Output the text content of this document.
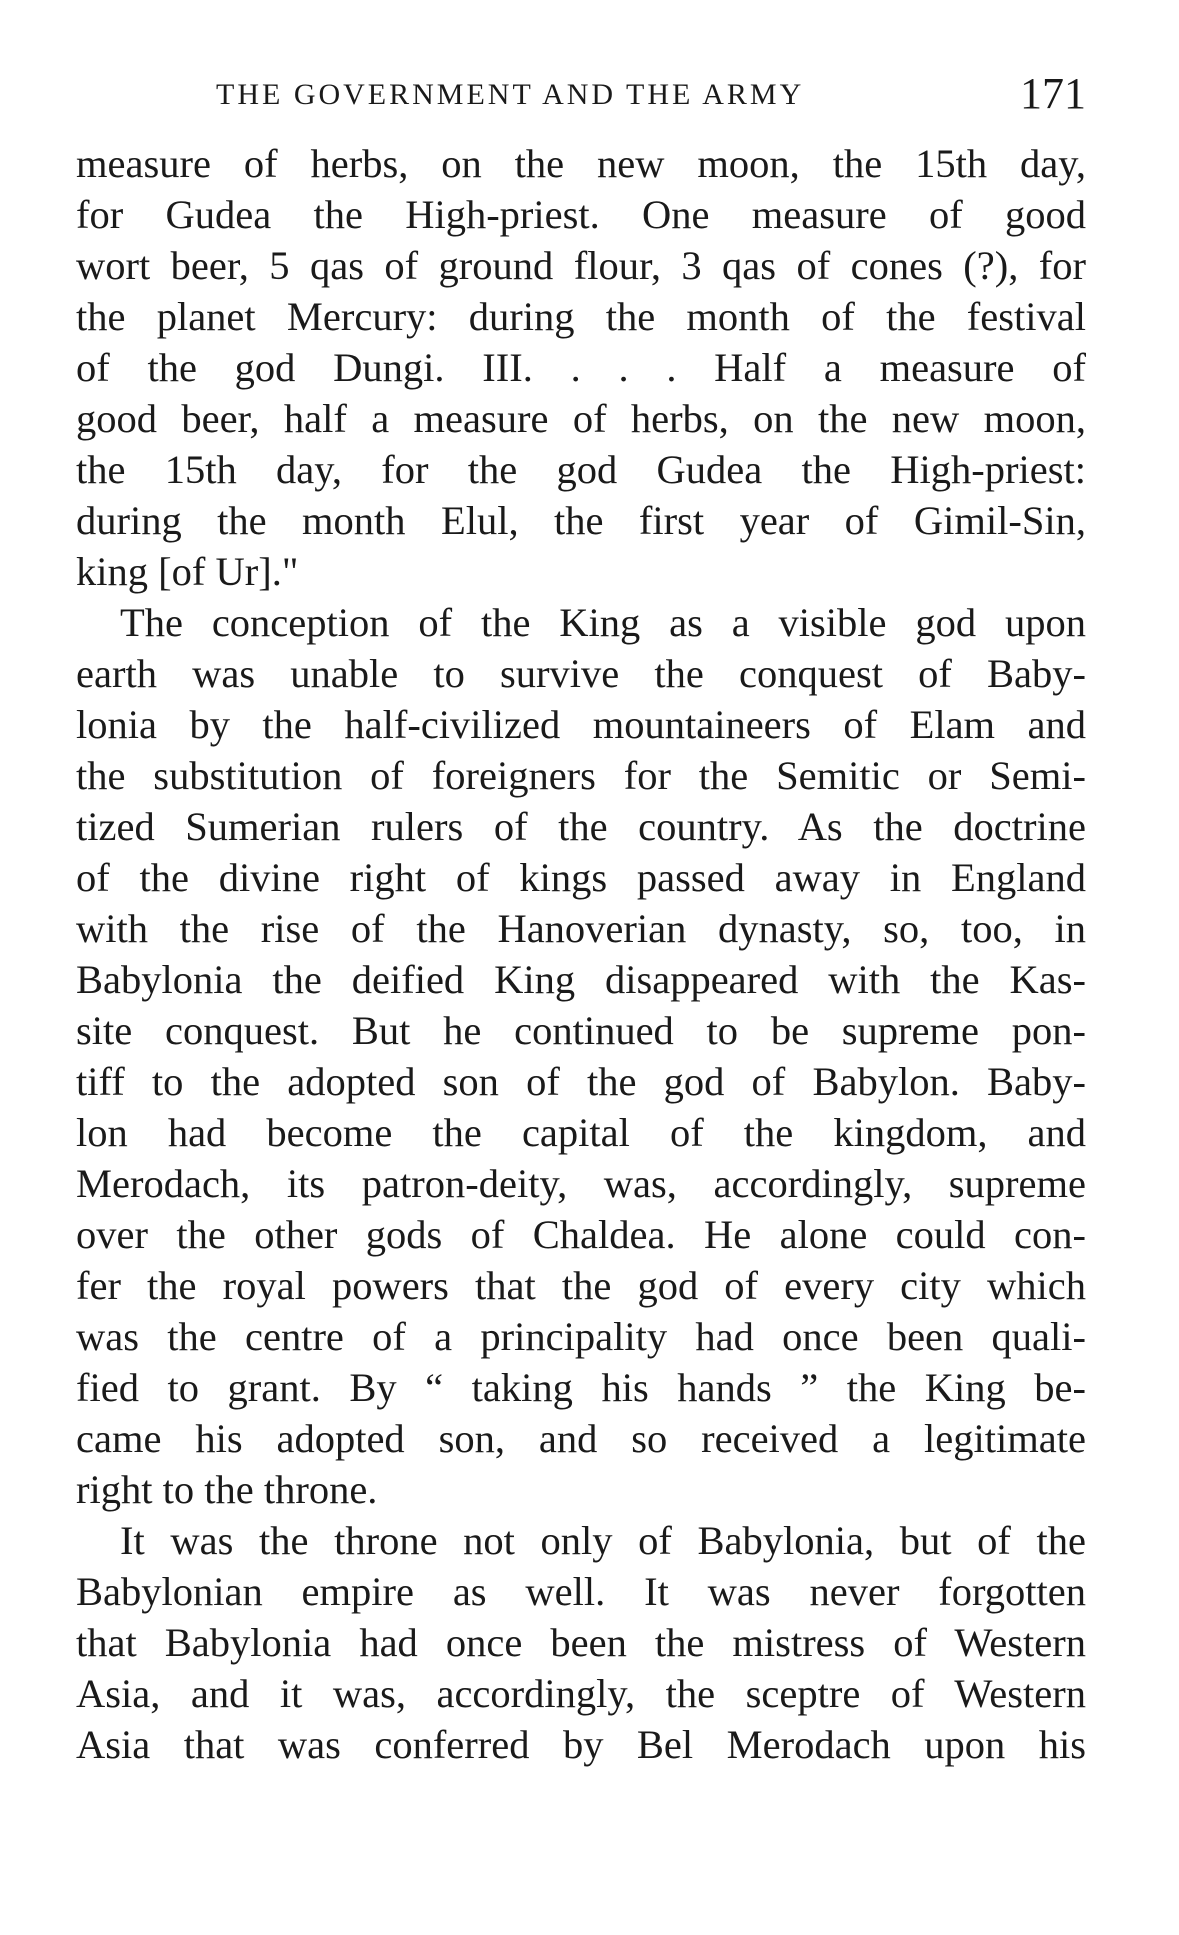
THE GOVERNMENT AND THE ARMY	171
measure of herbs, on the new moon, the 15th day,
for Gudea the High-priest. One measure of good
wort beer, 5 qas of ground flour, 3 qas of cones (?), for
the planet Mercury: during the month of the festival
of the god Dungi. III. . . . Half a measure of
good beer, half a measure of herbs, on the new moon,
the 15th day, for the god Gudea the High-priest:
during the month Elul, the first year of Gimil-Sin,
king [of Ur]."
The conception of the King as a visible god upon
earth was unable to survive the conquest of Baby-
lonia by the half-civilized mountaineers of Elam and
the substitution of foreigners for the Semitic or Semi-
tized Sumerian rulers of the country. As the doctrine
of the divine right of kings passed away in England
with the rise of the Hanoverian dynasty, so, too, in
Babylonia the deified King disappeared with the Kas-
site conquest. But he continued to be supreme pon-
tiff to the adopted son of the god of Babylon. Baby-
lon had become the capital of the kingdom, and
Merodach, its patron-deity, was, accordingly, supreme
over the other gods of Chaldea. He alone could con-
fer the royal powers that the god of every city which
was the centre of a principality had once been quali-
fied to grant. By “ taking his hands ” the King be-
came his adopted son, and so received a legitimate
right to the throne.
It was the throne not only of Babylonia, but of the
Babylonian empire as well. It was never forgotten
that Babylonia had once been the mistress of Western
Asia, and it was, accordingly, the sceptre of Western
Asia that was conferred by Bel Merodach upon his
